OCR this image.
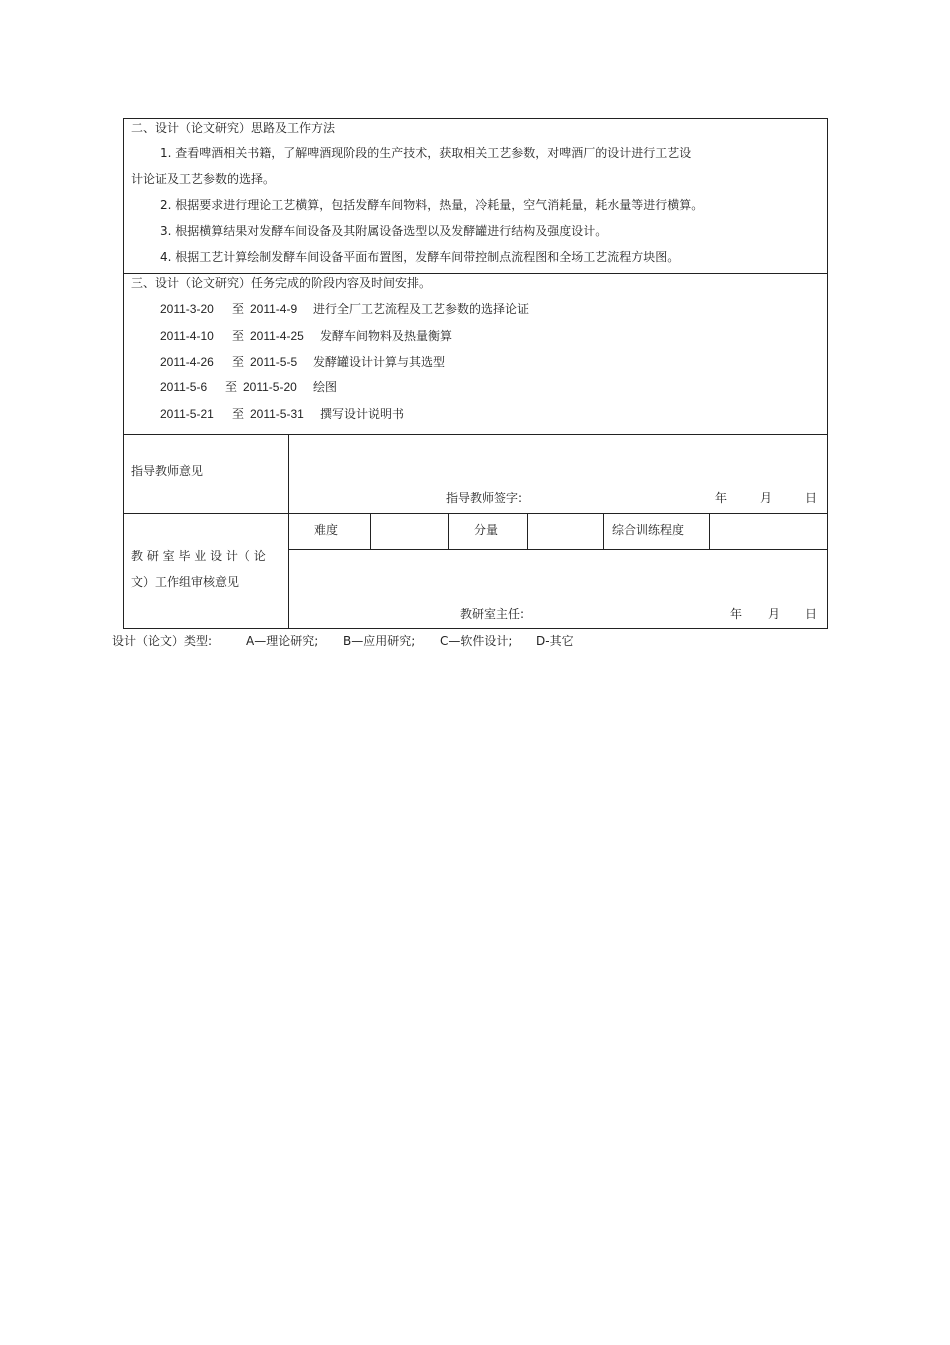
二、设计（论文研究）思路及工作方法
1. 查看啤酒相关书籍，了解啤酒现阶段的生产技术，获取相关工艺参数，对啤酒厂的设计进行工艺设
计论证及工艺参数的选择。
2. 根据要求进行理论工艺横算，包括发酵车间物料，热量，冷耗量，空气消耗量，耗水量等进行横算。
3. 根据横算结果对发酵车间设备及其附属设备选型以及发酵罐进行结构及强度设计。
4. 根据工艺计算绘制发酵车间设备平面布置图，发酵车间带控制点流程图和全场工艺流程方块图。
三、设计（论文研究）任务完成的阶段内容及时间安排。
2011-3-20 至 2011-4-9 进行全厂工艺流程及工艺参数的选择论证
2011-4-10 至 2011-4-25 发酵车间物料及热量衡算
2011-4-26 至 2011-5-5 发酵罐设计计算与其选型
2011-5-6 至 2011-5-20 绘图
2011-5-21 至 2011-5-31 撰写设计说明书
指导教师意见
指导教师签字:	年	月	日
教 研 室 毕 业 设 计（ 论
文）工作组审核意见
难度	分量	综合训练程度
教研室主任:	年 月 日
设计（论文）类型:	A—理论研究; B—应用研究; C—软件设计; D-其它
